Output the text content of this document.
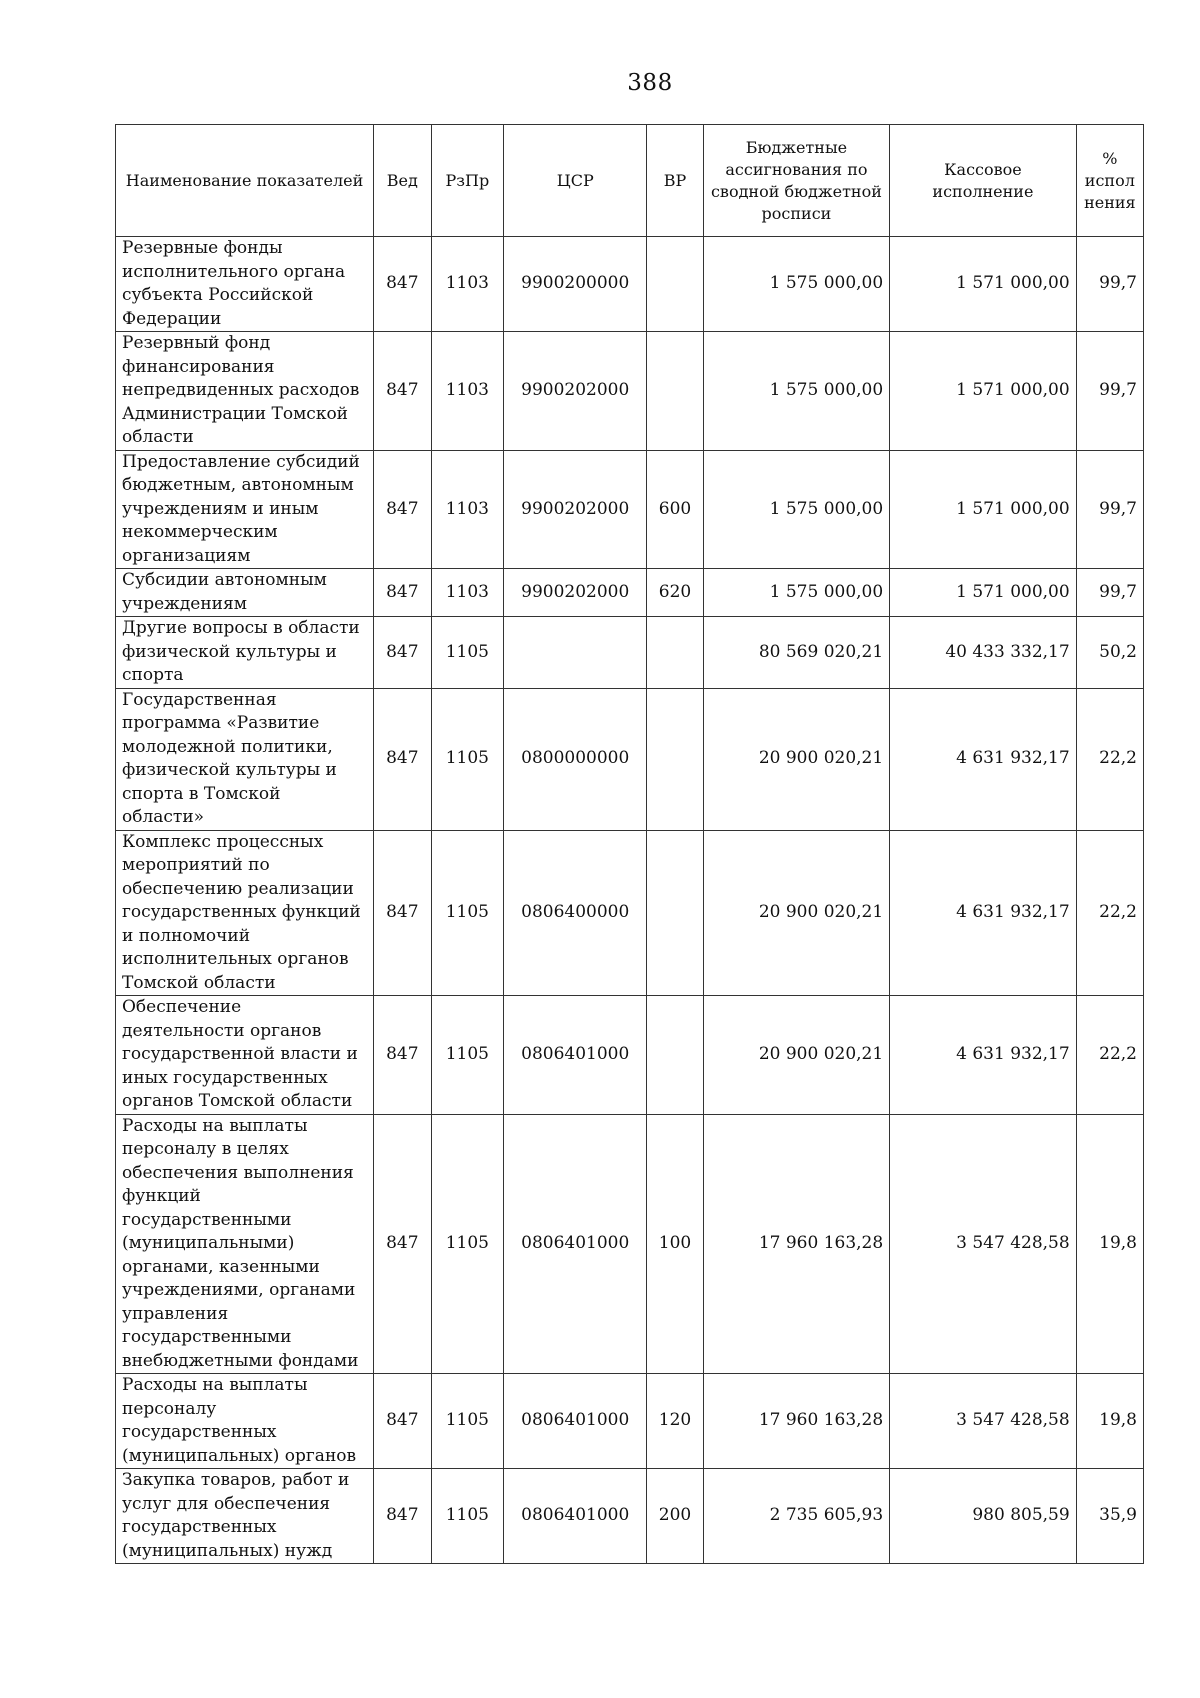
388
Наименование показателей	Вед	РзПр	ЦСР	ВР	Бюджетные ассигнования по сводной бюджетной росписи	Кассовое исполнение	% испол нения
Резервные фонды исполнительного органа субъекта Российской Федерации	847	1103	9900200000		1 575 000,00	1 571 000,00	99,7
Резервный фонд финансирования непредвиденных расходов Администрации Томской области	847	1103	9900202000		1 575 000,00	1 571 000,00	99,7
Предоставление субсидий бюджетным, автономным учреждениям и иным некоммерческим организациям	847	1103	9900202000	600	1 575 000,00	1 571 000,00	99,7
Субсидии автономным учреждениям	847	1103	9900202000	620	1 575 000,00	1 571 000,00	99,7
Другие вопросы в области физической культуры и спорта	847	1105			80 569 020,21	40 433 332,17	50,2
Государственная программа «Развитие молодежной политики, физической культуры и спорта в Томской области»	847	1105	0800000000		20 900 020,21	4 631 932,17	22,2
Комплекс процессных мероприятий по обеспечению реализации государственных функций и полномочий исполнительных органов Томской области	847	1105	0806400000		20 900 020,21	4 631 932,17	22,2
Обеспечение деятельности органов государственной власти и иных государственных органов Томской области	847	1105	0806401000		20 900 020,21	4 631 932,17	22,2
Расходы на выплаты персоналу в целях обеспечения выполнения функций государственными (муниципальными) органами, казенными учреждениями, органами управления государственными внебюджетными фондами	847	1105	0806401000	100	17 960 163,28	3 547 428,58	19,8
Расходы на выплаты персоналу государственных (муниципальных) органов	847	1105	0806401000	120	17 960 163,28	3 547 428,58	19,8
Закупка товаров, работ и услуг для обеспечения государственных (муниципальных) нужд	847	1105	0806401000	200	2 735 605,93	980 805,59	35,9
